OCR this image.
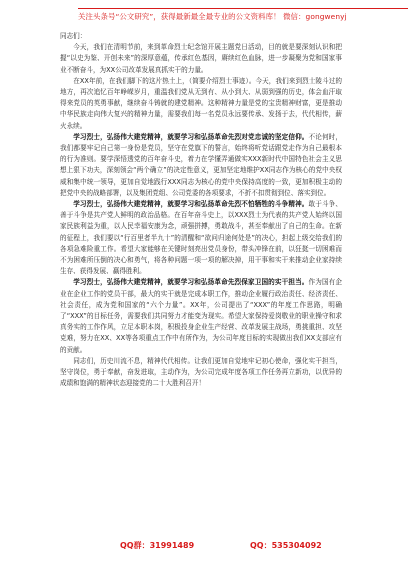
关注头条号“公文研究”，获得最新最全最专业的公文资料库！ 微信：gongwenyj

同志们：

今天，我们在清明节前，来到革命烈士纪念馆开展主题党日活动，目的就是要深刻认识和把握“以史为鉴、开创未来”的深厚意蕴，传承红色基因，赓续红色血脉，进一步凝聚为党和国家事业不断奋斗，为XX公司改革发展真抓实干的力量。

在XX年前，在我们脚下的这片热土上，（简要介绍烈士事迹）。今天，我们来到烈士陵斗过的地方，再次追忆百年峥嵘岁月，重温我们党从无到有、从小到大、从弱到强的历史，体会血汗取得来党员的英勇事献，继续奋斗铸就的建党精神。这种精神力量是党的宝贵精神财富，更是推动中华民族走向伟大复兴的精神力量，需要我们每一名党员永远要传承、发扬于去，代代相传，薪火永续。

学习烈士，弘扬伟大建党精神，就要学习和弘扬革命先烈对党忠诚的坚定信仰。不论何时，我们都要牢记自己第一身份是党员，坚守在党旗下的誓言，始终将听党话跟党走作为自己最根本的行为准则。要学深悟透党的百年奋斗史，着力在学懂弄通做实XXX新时代中国特色社会主义思想上狠下功夫，深刻领会“两个确立”的决定性意义，更加坚定地维护XX同志作为核心的党中央权威和集中统一领导，更加自觉地践行XXX同志为核心的党中央保持高度的一致，更加积极主动的把党中央的战略部署，以及集团党组、公司党委的各项要求，不折不扣贯彻到位、落实到位。

学习烈士，弘扬伟大建党精神，就要学习和弘扬革命先烈不怕牺牲的斗争精神。敢于斗争、善于斗争是共产党人鲜明的政治品格。在百年奋斗史上，以XXX烈士为代表的共产党人始终以国家民族利益为重，以人民幸福安康为念，顽强拼搏，勇敢战斗，甚至奉献出了自己的生命。在新的征程上，我们要以“行百里者半九十”的清醒和“欲问归途何处是”的决心，担起上级交给我们的各项急难险重工作。希望大家能够在关键时刻亮出党员身份，带头冲锋在前，以狂挺一切困难而不为困难所压倒的决心和勇气，将各种问题一项一项的解决掉，用干事和实干来推动企业家持续生存、获得发展、赢得胜利。

学习烈士，弘扬伟大建党精神，就要学习和弘扬革命先烈保家卫国的实干担当。作为国有企业在企业工作的党员干部，最大的实干就是完成本职工作，推动企业履行政治责任、经济责任、社会责任，成为党和国家的“六个力量”。XX年，公司提出了“XXX”的年度工作思路，明确了“XXX”的目标任务，需要我们共同努力才能变为现实。希望大家保持爱岗敬业的职业操守和求真务实的工作作风，立足本职本岗，积极投身企业生产经营、改革发展主战场，勇挑重担、攻坚克难，努力在XX、XX等各项重点工作中有所作为，为公司年度目标的实现做出我们XX支部应有的贡献。

同志们，历史川流不息，精神代代相传。让我们更加自觉地牢记初心使命，强化实干担当，坚守岗位，勇于奉献，奋发进取，主动作为，为公司完成年度各项工作任务再立新功，以优异的成绩和饱满的精神状态迎接党的二十大胜利召开！

QQ群：31991489	QQ：535304092
